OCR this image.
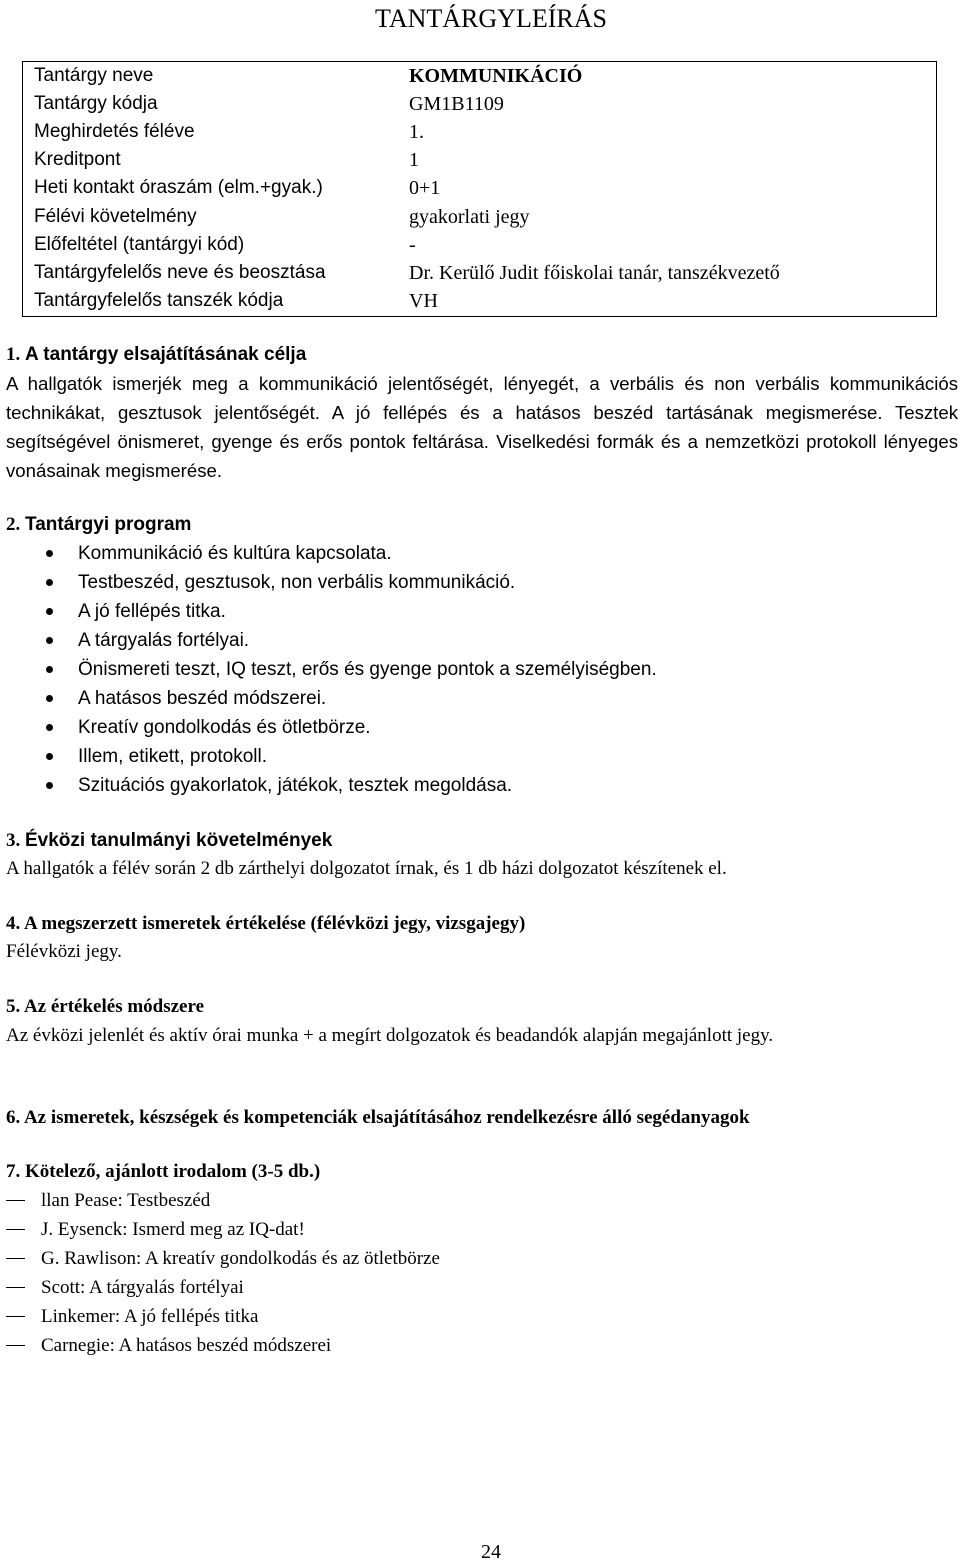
TANTÁRGYLEÍRÁS
Tantárgy neve	KOMMUNIKÁCIÓ
Tantárgy kódja	GM1B1109
Meghirdetés féléve	1.
Kreditpont	1
Heti kontakt óraszám (elm.+gyak.)	0+1
Félévi követelmény	gyakorlati jegy
Előfeltétel (tantárgyi kód)	-
Tantárgyfelelős neve és beosztása	Dr. Kerülő Judit főiskolai tanár, tanszékvezető
Tantárgyfelelős tanszék kódja	VH
1. A tantárgy elsajátításának célja
A hallgatók ismerjék meg a kommunikáció jelentőségét, lényegét, a verbális és non verbális kommunikációs technikákat, gesztusok jelentőségét. A jó fellépés és a hatásos beszéd tartásának megismerése. Tesztek segítségével önismeret, gyenge és erős pontok feltárása. Viselkedési formák és a nemzetközi protokoll lényeges vonásainak megismerése.
2. Tantárgyi program
Kommunikáció és kultúra kapcsolata.
Testbeszéd, gesztusok, non verbális kommunikáció.
A jó fellépés titka.
A tárgyalás fortélyai.
Önismereti teszt, IQ teszt, erős és gyenge pontok a személyiségben.
A hatásos beszéd módszerei.
Kreatív gondolkodás és ötletbörze.
Illem, etikett, protokoll.
Szituációs gyakorlatok, játékok, tesztek megoldása.
3. Évközi tanulmányi követelmények
A hallgatók a félév során 2 db zárthelyi dolgozatot írnak, és 1 db házi dolgozatot készítenek el.
4. A megszerzett ismeretek értékelése (félévközi jegy, vizsgajegy)
Félévközi jegy.
5. Az értékelés módszere
Az évközi jelenlét és aktív órai munka + a megírt dolgozatok és beadandók alapján megajánlott jegy.
6. Az ismeretek, készségek és kompetenciák elsajátításához rendelkezésre álló segédanyagok
7. Kötelező, ajánlott irodalom (3-5 db.)
llan Pease: Testbeszéd
J. Eysenck: Ismerd meg az IQ-dat!
G. Rawlison: A kreatív gondolkodás és az ötletbörze
Scott: A tárgyalás fortélyai
Linkemer: A jó fellépés titka
Carnegie: A hatásos beszéd módszerei
24
